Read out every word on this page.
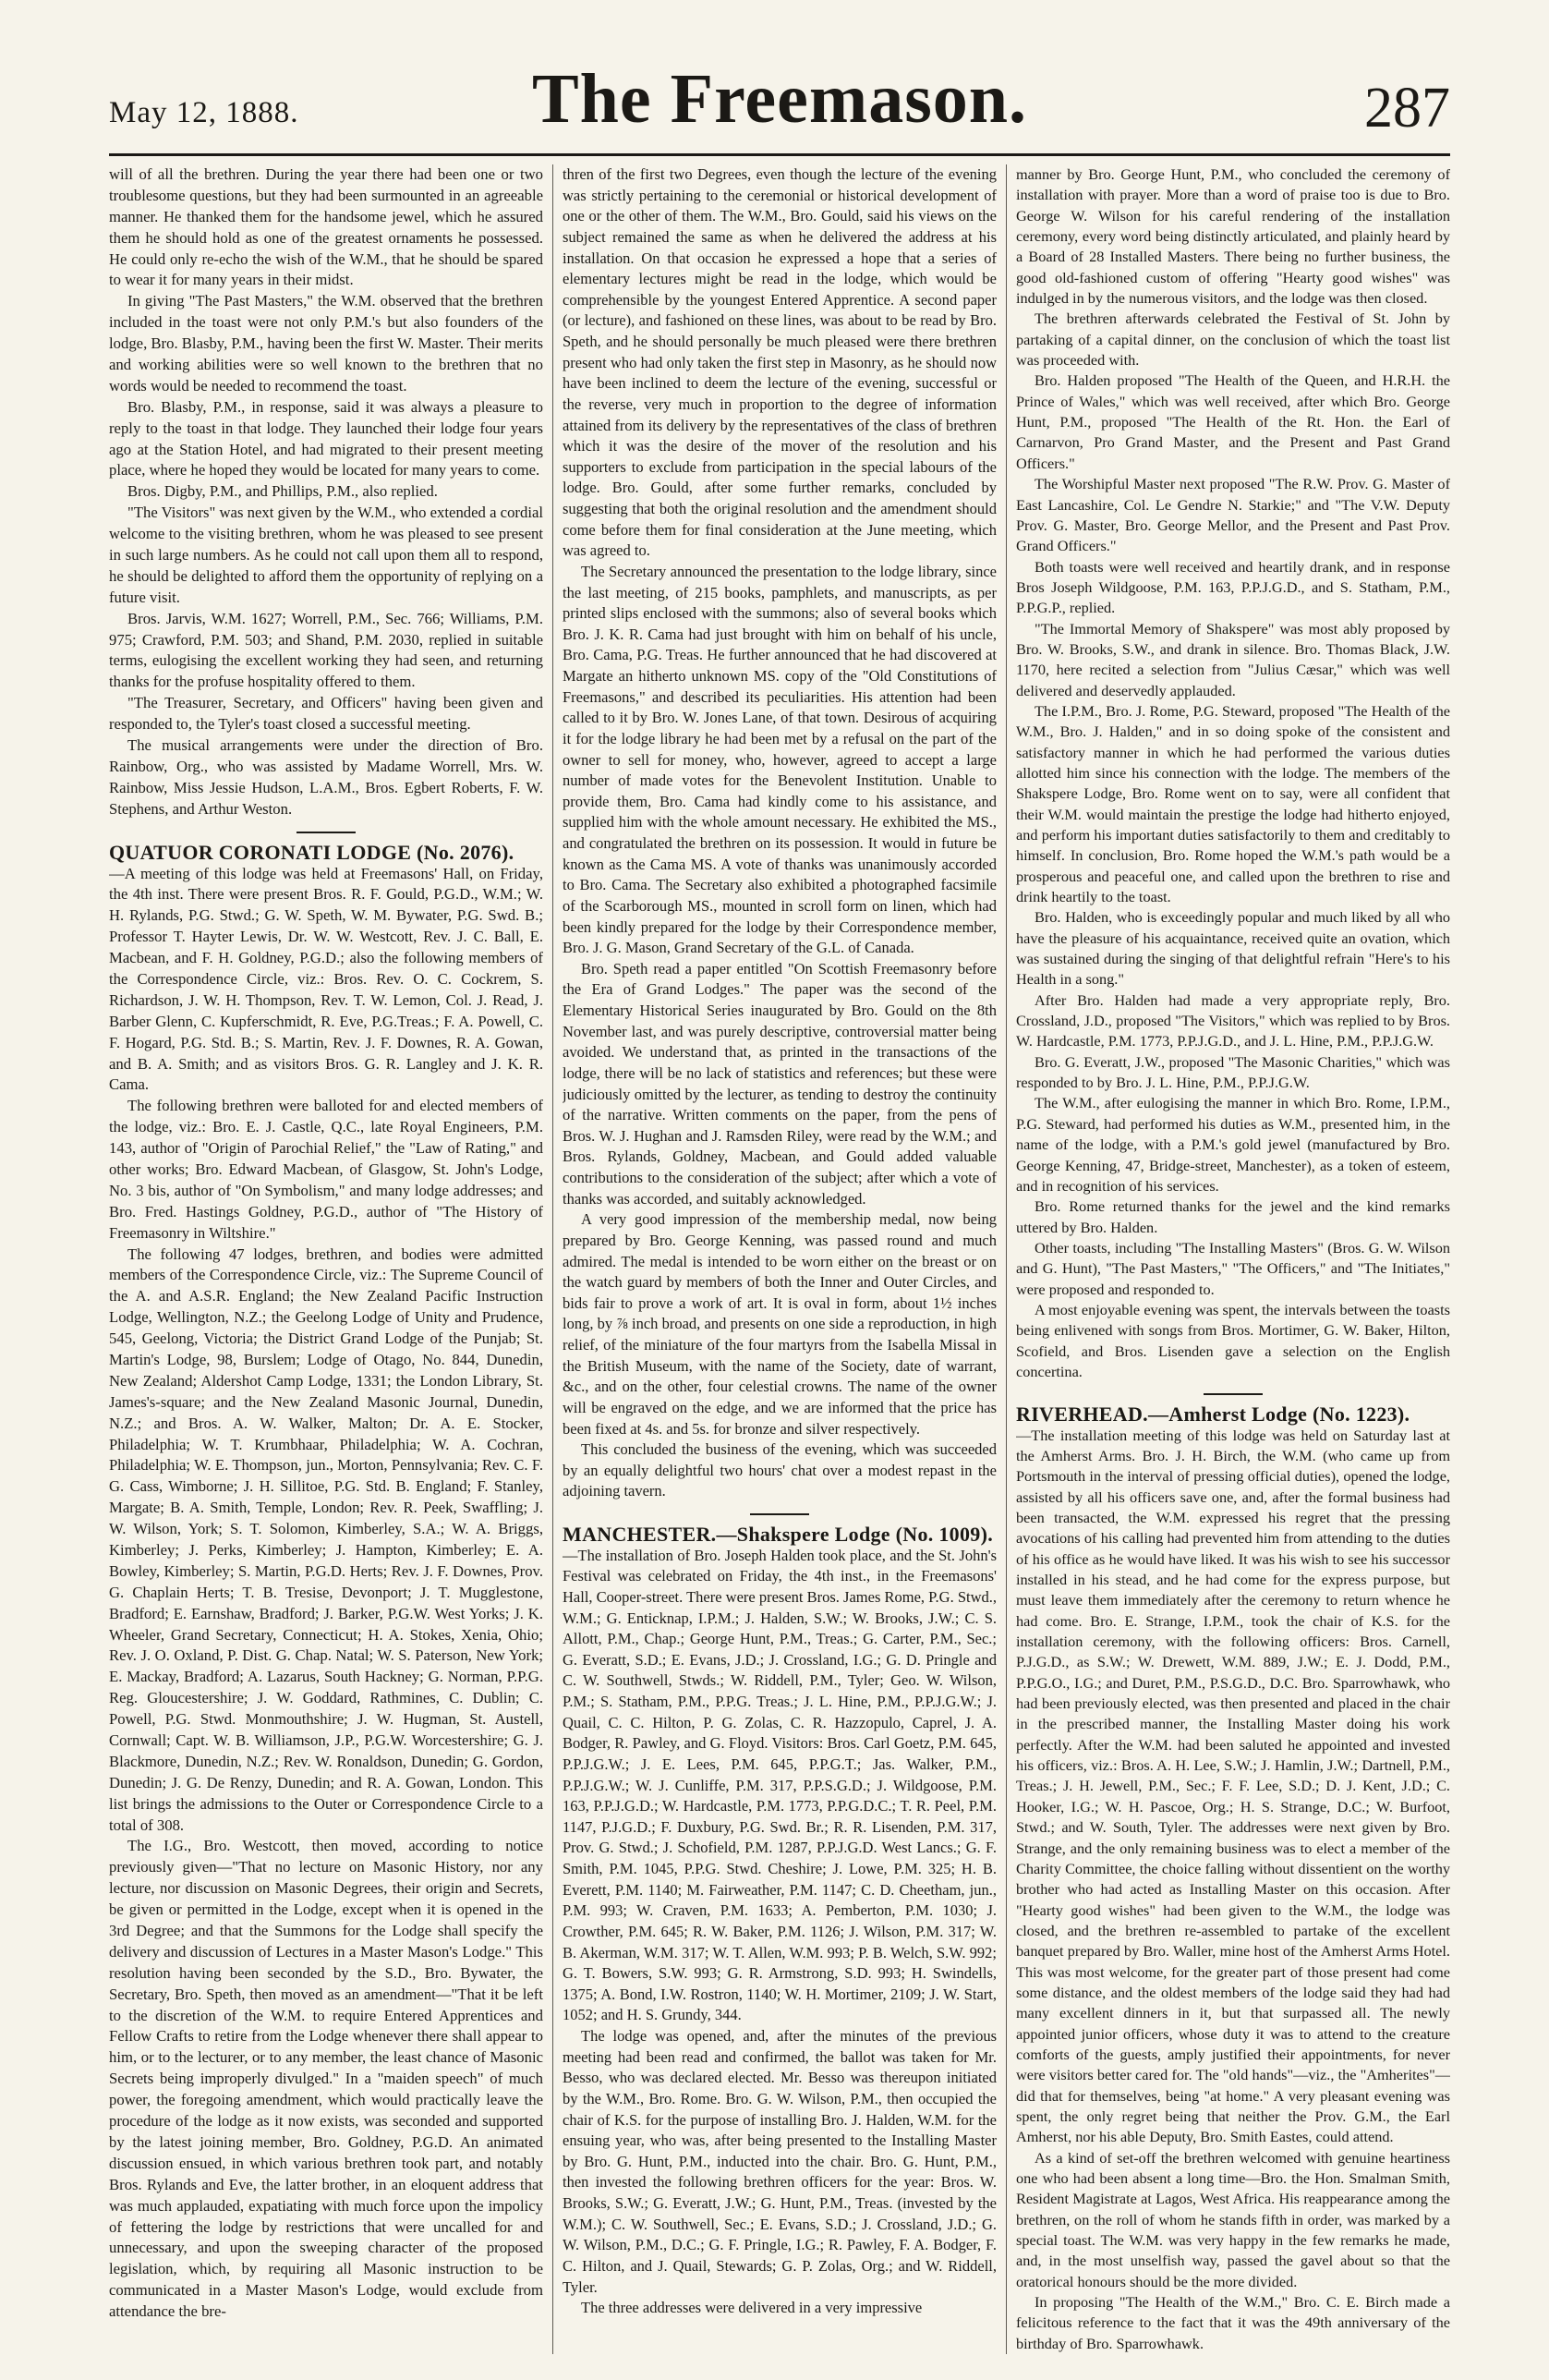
May 12, 1888.	The Freemason.	287

will of all the brethren. During the year there had been one or two troublesome questions, but they had been surmounted in an agreeable manner. He thanked them for the handsome jewel, which he assured them he should hold as one of the greatest ornaments he possessed. He could only re-echo the wish of the W.M., that he should be spared to wear it for many years in their midst.

In giving "The Past Masters," the W.M. observed that the brethren included in the toast were not only P.M.'s but also founders of the lodge, Bro. Blasby, P.M., having been the first W. Master. Their merits and working abilities were so well known to the brethren that no words would be needed to recommend the toast.

Bro. Blasby, P.M., in response, said it was always a pleasure to reply to the toast in that lodge. They launched their lodge four years ago at the Station Hotel, and had migrated to their present meeting place, where he hoped they would be located for many years to come.

Bros. Digby, P.M., and Phillips, P.M., also replied.

"The Visitors" was next given by the W.M., who extended a cordial welcome to the visiting brethren, whom he was pleased to see present in such large numbers. As he could not call upon them all to respond, he should be delighted to afford them the opportunity of replying on a future visit.

Bros. Jarvis, W.M. 1627; Worrell, P.M., Sec. 766; Williams, P.M. 975; Crawford, P.M. 503; and Shand, P.M. 2030, replied in suitable terms, eulogising the excellent working they had seen, and returning thanks for the profuse hospitality offered to them.

"The Treasurer, Secretary, and Officers" having been given and responded to, the Tyler's toast closed a successful meeting.

The musical arrangements were under the direction of Bro. Rainbow, Org., who was assisted by Madame Worrell, Mrs. W. Rainbow, Miss Jessie Hudson, L.A.M., Bros. Egbert Roberts, F. W. Stephens, and Arthur Weston.

QUATUOR CORONATI LODGE (No. 2076).

—A meeting of this lodge was held at Freemasons' Hall, on Friday, the 4th inst. There were present Bros. R. F. Gould, P.G.D., W.M.; W. H. Rylands, P.G. Stwd.; G. W. Speth, W. M. Bywater, P.G. Swd. B.; Professor T. Hayter Lewis, Dr. W. W. Westcott, Rev. J. C. Ball, E. Macbean, and F. H. Goldney, P.G.D.; also the following members of the Correspondence Circle, viz.: Bros. Rev. O. C. Cockrem, S. Richardson, J. W. H. Thompson, Rev. T. W. Lemon, Col. J. Read, J. Barber Glenn, C. Kupferschmidt, R. Eve, P.G.Treas.; F. A. Powell, C. F. Hogard, P.G. Std. B.; S. Martin, Rev. J. F. Downes, R. A. Gowan, and B. A. Smith; and as visitors Bros. G. R. Langley and J. K. R. Cama.

The following brethren were balloted for and elected members of the lodge, viz.: Bro. E. J. Castle, Q.C., late Royal Engineers, P.M. 143, author of "Origin of Parochial Relief," the "Law of Rating," and other works; Bro. Edward Macbean, of Glasgow, St. John's Lodge, No. 3 bis, author of "On Symbolism," and many lodge addresses; and Bro. Fred. Hastings Goldney, P.G.D., author of "The History of Freemasonry in Wiltshire."

The following 47 lodges, brethren, and bodies were admitted members of the Correspondence Circle, viz.: The Supreme Council of the A. and A.S.R. England; the New Zealand Pacific Instruction Lodge, Wellington, N.Z.; the Geelong Lodge of Unity and Prudence, 545, Geelong, Victoria; the District Grand Lodge of the Punjab; St. Martin's Lodge, 98, Burslem; Lodge of Otago, No. 844, Dunedin, New Zealand; Aldershot Camp Lodge, 1331; the London Library, St. James's-square; and the New Zealand Masonic Journal, Dunedin, N.Z.; and Bros. A. W. Walker, Malton; Dr. A. E. Stocker, Philadelphia; W. T. Krumbhaar, Philadelphia; W. A. Cochran, Philadelphia; W. E. Thompson, jun., Morton, Pennsylvania; Rev. C. F. G. Cass, Wimborne; J. H. Sillitoe, P.G. Std. B. England; F. Stanley, Margate; B. A. Smith, Temple, London; Rev. R. Peek, Swaffling; J. W. Wilson, York; S. T. Solomon, Kimberley, S.A.; W. A. Briggs, Kimberley; J. Perks, Kimberley; J. Hampton, Kimberley; E. A. Bowley, Kimberley; S. Martin, P.G.D. Herts; Rev. J. F. Downes, Prov. G. Chaplain Herts; T. B. Tresise, Devonport; J. T. Mugglestone, Bradford; E. Earnshaw, Bradford; J. Barker, P.G.W. West Yorks; J. K. Wheeler, Grand Secretary, Connecticut; H. A. Stokes, Xenia, Ohio; Rev. J. O. Oxland, P. Dist. G. Chap. Natal; W. S. Paterson, New York; E. Mackay, Bradford; A. Lazarus, South Hackney; G. Norman, P.P.G. Reg. Gloucestershire; J. W. Goddard, Rathmines, C. Dublin; C. Powell, P.G. Stwd. Monmouthshire; J. W. Hugman, St. Austell, Cornwall; Capt. W. B. Williamson, J.P., P.G.W. Worcestershire; G. J. Blackmore, Dunedin, N.Z.; Rev. W. Ronaldson, Dunedin; G. Gordon, Dunedin; J. G. De Renzy, Dunedin; and R. A. Gowan, London. This list brings the admissions to the Outer or Correspondence Circle to a total of 308.

The I.G., Bro. Westcott, then moved, according to notice previously given—"That no lecture on Masonic History, nor any lecture, nor discussion on Masonic Degrees, their origin and Secrets, be given or permitted in the Lodge, except when it is opened in the 3rd Degree; and that the Summons for the Lodge shall specify the delivery and discussion of Lectures in a Master Mason's Lodge." This resolution having been seconded by the S.D., Bro. Bywater, the Secretary, Bro. Speth, then moved as an amendment—"That it be left to the discretion of the W.M. to require Entered Apprentices and Fellow Crafts to retire from the Lodge whenever there shall appear to him, or to the lecturer, or to any member, the least chance of Masonic Secrets being improperly divulged." In a "maiden speech" of much power, the foregoing amendment, which would practically leave the procedure of the lodge as it now exists, was seconded and supported by the latest joining member, Bro. Goldney, P.G.D. An animated discussion ensued, in which various brethren took part, and notably Bros. Rylands and Eve, the latter brother, in an eloquent address that was much applauded, expatiating with much force upon the impolicy of fettering the lodge by restrictions that were uncalled for and unnecessary, and upon the sweeping character of the proposed legislation, which, by requiring all Masonic instruction to be communicated in a Master Mason's Lodge, would exclude from attendance the bre-

thren of the first two Degrees, even though the lecture of the evening was strictly pertaining to the ceremonial or historical development of one or the other of them. The W.M., Bro. Gould, said his views on the subject remained the same as when he delivered the address at his installation. On that occasion he expressed a hope that a series of elementary lectures might be read in the lodge, which would be comprehensible by the youngest Entered Apprentice. A second paper (or lecture), and fashioned on these lines, was about to be read by Bro. Speth, and he should personally be much pleased were there brethren present who had only taken the first step in Masonry, as he should now have been inclined to deem the lecture of the evening, successful or the reverse, very much in proportion to the degree of information attained from its delivery by the representatives of the class of brethren which it was the desire of the mover of the resolution and his supporters to exclude from participation in the special labours of the lodge. Bro. Gould, after some further remarks, concluded by suggesting that both the original resolution and the amendment should come before them for final consideration at the June meeting, which was agreed to.

The Secretary announced the presentation to the lodge library, since the last meeting, of 215 books, pamphlets, and manuscripts, as per printed slips enclosed with the summons; also of several books which Bro. J. K. R. Cama had just brought with him on behalf of his uncle, Bro. Cama, P.G. Treas. He further announced that he had discovered at Margate an hitherto unknown MS. copy of the "Old Constitutions of Freemasons," and described its peculiarities. His attention had been called to it by Bro. W. Jones Lane, of that town. Desirous of acquiring it for the lodge library he had been met by a refusal on the part of the owner to sell for money, who, however, agreed to accept a large number of made votes for the Benevolent Institution. Unable to provide them, Bro. Cama had kindly come to his assistance, and supplied him with the whole amount necessary. He exhibited the MS., and congratulated the brethren on its possession. It would in future be known as the Cama MS. A vote of thanks was unanimously accorded to Bro. Cama. The Secretary also exhibited a photographed facsimile of the Scarborough MS., mounted in scroll form on linen, which had been kindly prepared for the lodge by their Correspondence member, Bro. J. G. Mason, Grand Secretary of the G.L. of Canada.

Bro. Speth read a paper entitled "On Scottish Freemasonry before the Era of Grand Lodges." The paper was the second of the Elementary Historical Series inaugurated by Bro. Gould on the 8th November last, and was purely descriptive, controversial matter being avoided. We understand that, as printed in the transactions of the lodge, there will be no lack of statistics and references; but these were judiciously omitted by the lecturer, as tending to destroy the continuity of the narrative. Written comments on the paper, from the pens of Bros. W. J. Hughan and J. Ramsden Riley, were read by the W.M.; and Bros. Rylands, Goldney, Macbean, and Gould added valuable contributions to the consideration of the subject; after which a vote of thanks was accorded, and suitably acknowledged.

A very good impression of the membership medal, now being prepared by Bro. George Kenning, was passed round and much admired. The medal is intended to be worn either on the breast or on the watch guard by members of both the Inner and Outer Circles, and bids fair to prove a work of art. It is oval in form, about 1½ inches long, by ⅞ inch broad, and presents on one side a reproduction, in high relief, of the miniature of the four martyrs from the Isabella Missal in the British Museum, with the name of the Society, date of warrant, &c., and on the other, four celestial crowns. The name of the owner will be engraved on the edge, and we are informed that the price has been fixed at 4s. and 5s. for bronze and silver respectively.

This concluded the business of the evening, which was succeeded by an equally delightful two hours' chat over a modest repast in the adjoining tavern.

MANCHESTER.—Shakspere Lodge (No. 1009).

—The installation of Bro. Joseph Halden took place, and the St. John's Festival was celebrated on Friday, the 4th inst., in the Freemasons' Hall, Cooper-street. There were present Bros. James Rome, P.G. Stwd., W.M.; G. Enticknap, I.P.M.; J. Halden, S.W.; W. Brooks, J.W.; C. S. Allott, P.M., Chap.; George Hunt, P.M., Treas.; G. Carter, P.M., Sec.; G. Everatt, S.D.; E. Evans, J.D.; J. Crossland, I.G.; G. D. Pringle and C. W. Southwell, Stwds.; W. Riddell, P.M., Tyler; Geo. W. Wilson, P.M.; S. Statham, P.M., P.P.G. Treas.; J. L. Hine, P.M., P.P.J.G.W.; J. Quail, C. C. Hilton, P. G. Zolas, C. R. Hazzopulo, Caprel, J. A. Bodger, R. Pawley, and G. Floyd. Visitors: Bros. Carl Goetz, P.M. 645, P.P.J.G.W.; J. E. Lees, P.M. 645, P.P.G.T.; Jas. Walker, P.M., P.P.J.G.W.; W. J. Cunliffe, P.M. 317, P.P.S.G.D.; J. Wildgoose, P.M. 163, P.P.J.G.D.; W. Hardcastle, P.M. 1773, P.P.G.D.C.; T. R. Peel, P.M. 1147, P.J.G.D.; F. Duxbury, P.G. Swd. Br.; R. R. Lisenden, P.M. 317, Prov. G. Stwd.; J. Schofield, P.M. 1287, P.P.J.G.D. West Lancs.; G. F. Smith, P.M. 1045, P.P.G. Stwd. Cheshire; J. Lowe, P.M. 325; H. B. Everett, P.M. 1140; M. Fairweather, P.M. 1147; C. D. Cheetham, jun., P.M. 993; W. Craven, P.M. 1633; A. Pemberton, P.M. 1030; J. Crowther, P.M. 645; R. W. Baker, P.M. 1126; J. Wilson, P.M. 317; W. B. Akerman, W.M. 317; W. T. Allen, W.M. 993; P. B. Welch, S.W. 992; G. T. Bowers, S.W. 993; G. R. Armstrong, S.D. 993; H. Swindells, 1375; A. Bond, I.W. Rostron, 1140; W. H. Mortimer, 2109; J. W. Start, 1052; and H. S. Grundy, 344.

The lodge was opened, and, after the minutes of the previous meeting had been read and confirmed, the ballot was taken for Mr. Besso, who was declared elected. Mr. Besso was thereupon initiated by the W.M., Bro. Rome. Bro. G. W. Wilson, P.M., then occupied the chair of K.S. for the purpose of installing Bro. J. Halden, W.M. for the ensuing year, who was, after being presented to the Installing Master by Bro. G. Hunt, P.M., inducted into the chair. Bro. G. Hunt, P.M., then invested the following brethren officers for the year: Bros. W. Brooks, S.W.; G. Everatt, J.W.; G. Hunt, P.M., Treas. (invested by the W.M.); C. W. Southwell, Sec.; E. Evans, S.D.; J. Crossland, J.D.; G. W. Wilson, P.M., D.C.; G. F. Pringle, I.G.; R. Pawley, F. A. Bodger, F. C. Hilton, and J. Quail, Stewards; G. P. Zolas, Org.; and W. Riddell, Tyler.

The three addresses were delivered in a very impressive

manner by Bro. George Hunt, P.M., who concluded the ceremony of installation with prayer. More than a word of praise too is due to Bro. George W. Wilson for his careful rendering of the installation ceremony, every word being distinctly articulated, and plainly heard by a Board of 28 Installed Masters. There being no further business, the good old-fashioned custom of offering "Hearty good wishes" was indulged in by the numerous visitors, and the lodge was then closed.

The brethren afterwards celebrated the Festival of St. John by partaking of a capital dinner, on the conclusion of which the toast list was proceeded with.

Bro. Halden proposed "The Health of the Queen, and H.R.H. the Prince of Wales," which was well received, after which Bro. George Hunt, P.M., proposed "The Health of the Rt. Hon. the Earl of Carnarvon, Pro Grand Master, and the Present and Past Grand Officers."

The Worshipful Master next proposed "The R.W. Prov. G. Master of East Lancashire, Col. Le Gendre N. Starkie;" and "The V.W. Deputy Prov. G. Master, Bro. George Mellor, and the Present and Past Prov. Grand Officers."

Both toasts were well received and heartily drank, and in response Bros Joseph Wildgoose, P.M. 163, P.P.J.G.D., and S. Statham, P.M., P.P.G.P., replied.

"The Immortal Memory of Shakspere" was most ably proposed by Bro. W. Brooks, S.W., and drank in silence. Bro. Thomas Black, J.W. 1170, here recited a selection from "Julius Cæsar," which was well delivered and deservedly applauded.

The I.P.M., Bro. J. Rome, P.G. Steward, proposed "The Health of the W.M., Bro. J. Halden," and in so doing spoke of the consistent and satisfactory manner in which he had performed the various duties allotted him since his connection with the lodge. The members of the Shakspere Lodge, Bro. Rome went on to say, were all confident that their W.M. would maintain the prestige the lodge had hitherto enjoyed, and perform his important duties satisfactorily to them and creditably to himself. In conclusion, Bro. Rome hoped the W.M.'s path would be a prosperous and peaceful one, and called upon the brethren to rise and drink heartily to the toast.

Bro. Halden, who is exceedingly popular and much liked by all who have the pleasure of his acquaintance, received quite an ovation, which was sustained during the singing of that delightful refrain "Here's to his Health in a song."

After Bro. Halden had made a very appropriate reply, Bro. Crossland, J.D., proposed "The Visitors," which was replied to by Bros. W. Hardcastle, P.M. 1773, P.P.J.G.D., and J. L. Hine, P.M., P.P.J.G.W.

Bro. G. Everatt, J.W., proposed "The Masonic Charities," which was responded to by Bro. J. L. Hine, P.M., P.P.J.G.W.

The W.M., after eulogising the manner in which Bro. Rome, I.P.M., P.G. Steward, had performed his duties as W.M., presented him, in the name of the lodge, with a P.M.'s gold jewel (manufactured by Bro. George Kenning, 47, Bridge-street, Manchester), as a token of esteem, and in recognition of his services.

Bro. Rome returned thanks for the jewel and the kind remarks uttered by Bro. Halden.

Other toasts, including "The Installing Masters" (Bros. G. W. Wilson and G. Hunt), "The Past Masters," "The Officers," and "The Initiates," were proposed and responded to.

A most enjoyable evening was spent, the intervals between the toasts being enlivened with songs from Bros. Mortimer, G. W. Baker, Hilton, Scofield, and Bros. Lisenden gave a selection on the English concertina.

RIVERHEAD.—Amherst Lodge (No. 1223).

—The installation meeting of this lodge was held on Saturday last at the Amherst Arms. Bro. J. H. Birch, the W.M. (who came up from Portsmouth in the interval of pressing official duties), opened the lodge, assisted by all his officers save one, and, after the formal business had been transacted, the W.M. expressed his regret that the pressing avocations of his calling had prevented him from attending to the duties of his office as he would have liked. It was his wish to see his successor installed in his stead, and he had come for the express purpose, but must leave them immediately after the ceremony to return whence he had come. Bro. E. Strange, I.P.M., took the chair of K.S. for the installation ceremony, with the following officers: Bros. Carnell, P.J.G.D., as S.W.; W. Drewett, W.M. 889, J.W.; E. J. Dodd, P.M., P.P.G.O., I.G.; and Duret, P.M., P.S.G.D., D.C. Bro. Sparrowhawk, who had been previously elected, was then presented and placed in the chair in the prescribed manner, the Installing Master doing his work perfectly. After the W.M. had been saluted he appointed and invested his officers, viz.: Bros. A. H. Lee, S.W.; J. Hamlin, J.W.; Dartnell, P.M., Treas.; J. H. Jewell, P.M., Sec.; F. F. Lee, S.D.; D. J. Kent, J.D.; C. Hooker, I.G.; W. H. Pascoe, Org.; H. S. Strange, D.C.; W. Burfoot, Stwd.; and W. South, Tyler. The addresses were next given by Bro. Strange, and the only remaining business was to elect a member of the Charity Committee, the choice falling without dissentient on the worthy brother who had acted as Installing Master on this occasion. After "Hearty good wishes" had been given to the W.M., the lodge was closed, and the brethren re-assembled to partake of the excellent banquet prepared by Bro. Waller, mine host of the Amherst Arms Hotel. This was most welcome, for the greater part of those present had come some distance, and the oldest members of the lodge said they had had many excellent dinners in it, but that surpassed all. The newly appointed junior officers, whose duty it was to attend to the creature comforts of the guests, amply justified their appointments, for never were visitors better cared for. The "old hands"—viz., the "Amherites"—did that for themselves, being "at home." A very pleasant evening was spent, the only regret being that neither the Prov. G.M., the Earl Amherst, nor his able Deputy, Bro. Smith Eastes, could attend.

As a kind of set-off the brethren welcomed with genuine heartiness one who had been absent a long time—Bro. the Hon. Smalman Smith, Resident Magistrate at Lagos, West Africa. His reappearance among the brethren, on the roll of whom he stands fifth in order, was marked by a special toast. The W.M. was very happy in the few remarks he made, and, in the most unselfish way, passed the gavel about so that the oratorical honours should be the more divided.

In proposing "The Health of the W.M.," Bro. C. E. Birch made a felicitous reference to the fact that it was the 49th anniversary of the birthday of Bro. Sparrowhawk.
